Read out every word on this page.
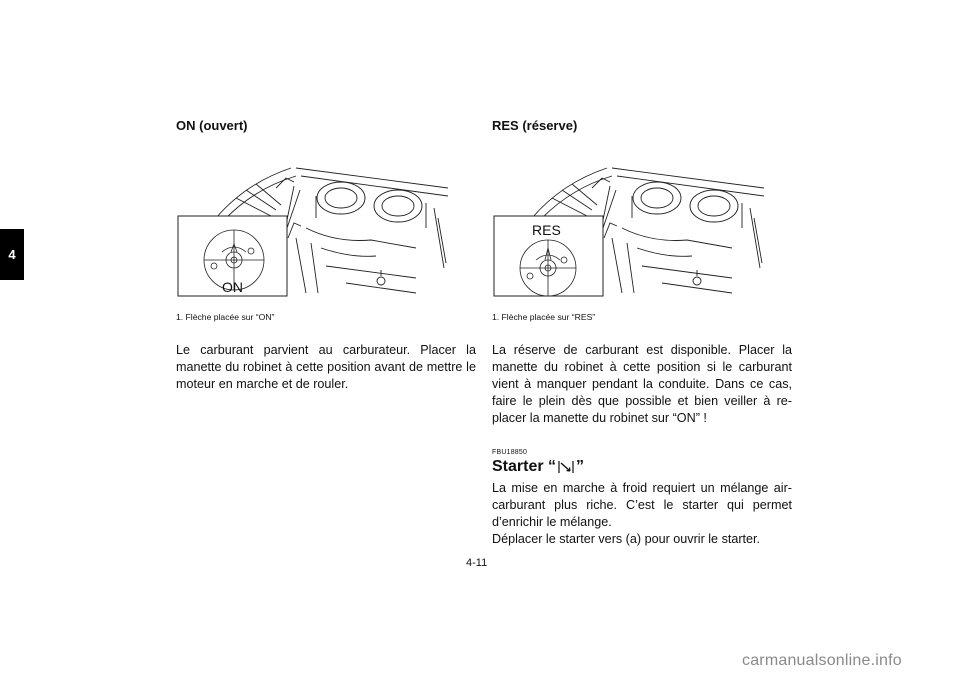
4
ON (ouvert)
ON
1. Flèche placée sur “ON”
Le carburant parvient au carburateur. Placer la manette du robinet à cette position avant de mettre le moteur en marche et de rouler.
RES (réserve)
RES
1. Flèche placée sur “RES”
La réserve de carburant est disponible. Placer la manette du robinet à cette position si le carburant vient à manquer pendant la conduite. Dans ce cas, faire le plein dès que possible et bien veiller à re-placer la manette du robinet sur “ON” !
FBU18850
Starter “ ”
La mise en marche à froid requiert un mélange air-carburant plus riche. C’est le starter qui permet d’enrichir le mélange.
Déplacer le starter vers (a) pour ouvrir le starter.
4-11
carmanualsonline.info
